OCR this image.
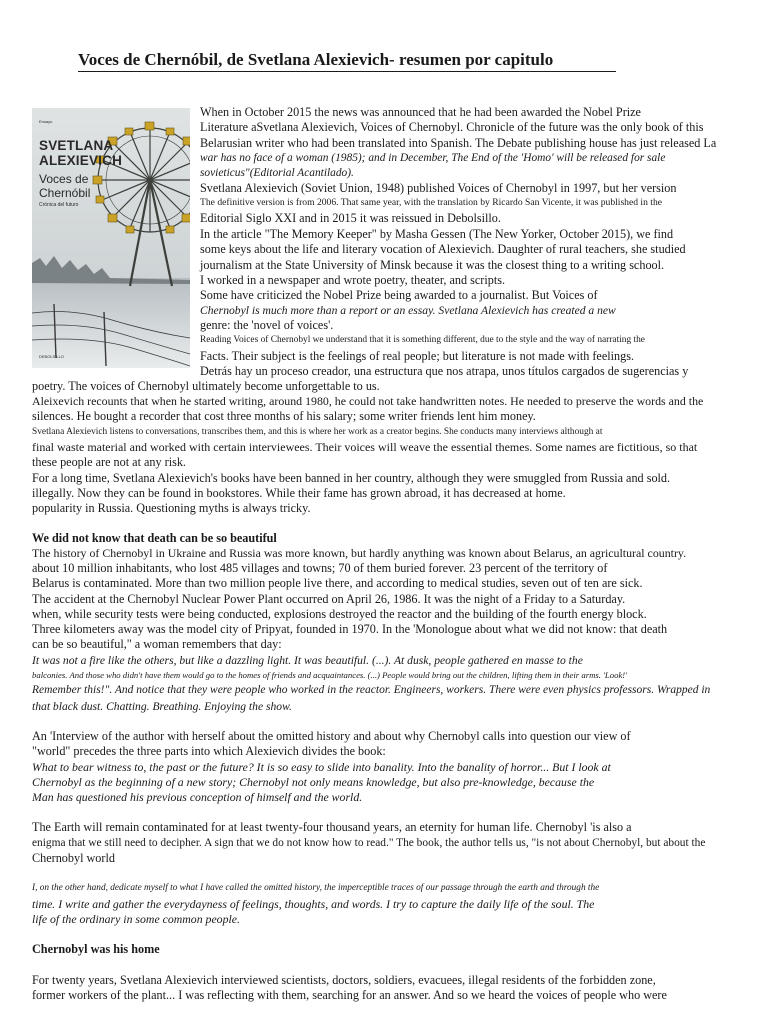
Voces de Chernóbil, de Svetlana Alexievich- resumen por capitulo
Ensayo
SVETLANA
ALEXIEVICH
Voces de
Chernóbil
Crónica del futuro
DEBOLSILLO
When in October 2015 the news was announced that he had been awarded the Nobel Prize
Literature aSvetlana Alexievich, Voices of Chernobyl. Chronicle of the future was the only book of this
Belarusian writer who had been translated into Spanish. The Debate publishing house has just released La
war has no face of a woman (1985); and in December, The End of the 'Homo' will be released for sale
sovieticus"(Editorial Acantilado).
Svetlana Alexievich (Soviet Union, 1948) published Voices of Chernobyl in 1997, but her version
The definitive version is from 2006. That same year, with the translation by Ricardo San Vicente, it was published in the
Editorial Siglo XXI and in 2015 it was reissued in Debolsillo.
In the article "The Memory Keeper" by Masha Gessen (The New Yorker, October 2015), we find
some keys about the life and literary vocation of Alexievich. Daughter of rural teachers, she studied
journalism at the State University of Minsk because it was the closest thing to a writing school.
I worked in a newspaper and wrote poetry, theater, and scripts.
Some have criticized the Nobel Prize being awarded to a journalist. But Voices of
Chernobyl is much more than a report or an essay. Svetlana Alexievich has created a new
genre: the 'novel of voices'.
Reading Voices of Chernobyl we understand that it is something different, due to the style and the way of narrating the
Facts. Their subject is the feelings of real people; but literature is not made with feelings.
Detrás hay un proceso creador, una estructura que nos atrapa, unos títulos cargados de sugerencias y
poetry. The voices of Chernobyl ultimately become unforgettable to us.
Aleixevich recounts that when he started writing, around 1980, he could not take handwritten notes. He needed to preserve the words and the
silences. He bought a recorder that cost three months of his salary; some writer friends lent him money.
Svetlana Alexievich listens to conversations, transcribes them, and this is where her work as a creator begins. She conducts many interviews although at
final waste material and worked with certain interviewees. Their voices will weave the essential themes. Some names are fictitious, so that
these people are not at any risk.
For a long time, Svetlana Alexievich's books have been banned in her country, although they were smuggled from Russia and sold.
illegally. Now they can be found in bookstores. While their fame has grown abroad, it has decreased at home.
popularity in Russia. Questioning myths is always tricky.
We did not know that death can be so beautiful
The history of Chernobyl in Ukraine and Russia was more known, but hardly anything was known about Belarus, an agricultural country.
about 10 million inhabitants, who lost 485 villages and towns; 70 of them buried forever. 23 percent of the territory of
Belarus is contaminated. More than two million people live there, and according to medical studies, seven out of ten are sick.
The accident at the Chernobyl Nuclear Power Plant occurred on April 26, 1986. It was the night of a Friday to a Saturday.
when, while security tests were being conducted, explosions destroyed the reactor and the building of the fourth energy block.
Three kilometers away was the model city of Pripyat, founded in 1970. In the 'Monologue about what we did not know: that death
can be so beautiful," a woman remembers that day:
It was not a fire like the others, but like a dazzling light. It was beautiful. (...). At dusk, people gathered en masse to the
balconies. And those who didn't have them would go to the homes of friends and acquaintances. (...) People would bring out the children, lifting them in their arms. 'Look!'
Remember this!". And notice that they were people who worked in the reactor. Engineers, workers. There were even physics professors. Wrapped in
that black dust. Chatting. Breathing. Enjoying the show.
An 'Interview of the author with herself about the omitted history and about why Chernobyl calls into question our view of
"world" precedes the three parts into which Alexievich divides the book:
What to bear witness to, the past or the future? It is so easy to slide into banality. Into the banality of horror... But I look at
Chernobyl as the beginning of a new story; Chernobyl not only means knowledge, but also pre-knowledge, because the
Man has questioned his previous conception of himself and the world.
The Earth will remain contaminated for at least twenty-four thousand years, an eternity for human life. Chernobyl 'is also a
enigma that we still need to decipher. A sign that we do not know how to read." The book, the author tells us, "is not about Chernobyl, but about the
Chernobyl world
I, on the other hand, dedicate myself to what I have called the omitted history, the imperceptible traces of our passage through the earth and through the
time. I write and gather the everydayness of feelings, thoughts, and words. I try to capture the daily life of the soul. The
life of the ordinary in some common people.
Chernobyl was his home
For twenty years, Svetlana Alexievich interviewed scientists, doctors, soldiers, evacuees, illegal residents of the forbidden zone,
former workers of the plant... I was reflecting with them, searching for an answer. And so we heard the voices of people who were
